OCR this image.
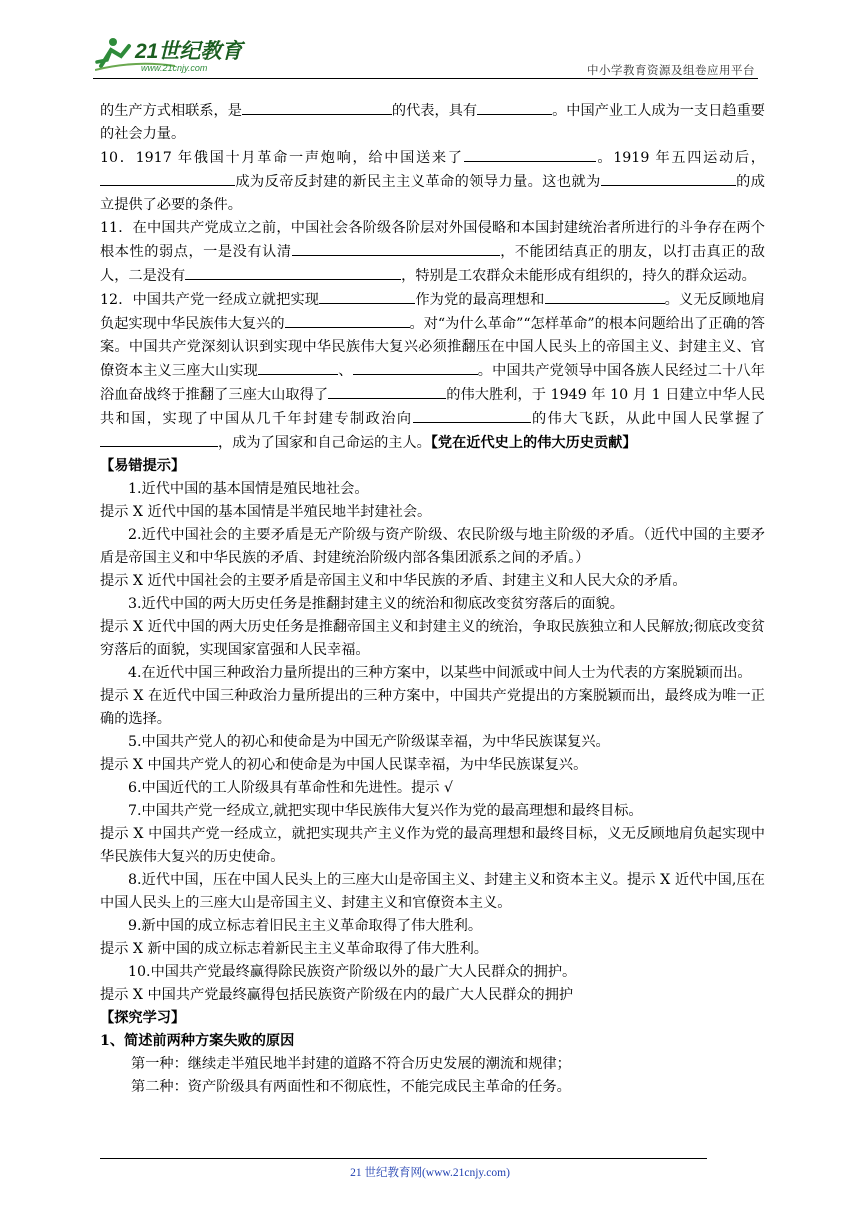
21世纪教育
www.21cnjy.com	中小学教育资源及组卷应用平台

的生产方式相联系，是	的代表，具有	。中国产业工人成为一支日趋重要的社会力量。

10．1917 年俄国十月革命一声炮响，给中国送来了	。1919 年五四运动后，成为反帝反封建的新民主主义革命的领导力量。这也就为	的成立提供了必要的条件。

11．在中国共产党成立之前，中国社会各阶级各阶层对外国侵略和本国封建统治者所进行的斗争存在两个根本性的弱点，一是没有认清	，不能团结真正的朋友，以打击真正的敌人，二是没有	，特别是工农群众未能形成有组织的，持久的群众运动。

12．中国共产党一经成立就把实现	作为党的最高理想和	。义无反顾地肩负起实现中华民族伟大复兴的	。对“为什么革命”“怎样革命”的根本问题给出了正确的答案。中国共产党深刻认识到实现中华民族伟大复兴必须推翻压在中国人民头上的帝国主义、封建主义、官僚资本主义三座大山实现	、	。中国共产党领导中国各族人民经过二十八年浴血奋战终于推翻了三座大山取得了	的伟大胜利，于 1949 年 10 月 1 日建立中华人民共和国，实现了中国从几千年封建专制政治向	的伟大飞跃，从此中国人民掌握了，成为了国家和自己命运的主人。【党在近代史上的伟大历史贡献】

【易错提示】

1.近代中国的基本国情是殖民地社会。

提示 X 近代中国的基本国情是半殖民地半封建社会。

2.近代中国社会的主要矛盾是无产阶级与资产阶级、农民阶级与地主阶级的矛盾。（近代中国的主要矛盾是帝国主义和中华民族的矛盾、封建统治阶级内部各集团派系之间的矛盾。）

提示 X 近代中国社会的主要矛盾是帝国主义和中华民族的矛盾、封建主义和人民大众的矛盾。

3.近代中国的两大历史任务是推翻封建主义的统治和彻底改变贫穷落后的面貌。

提示 X 近代中国的两大历史任务是推翻帝国主义和封建主义的统治，争取民族独立和人民解放;彻底改变贫穷落后的面貌，实现国家富强和人民幸福。

4.在近代中国三种政治力量所提出的三种方案中，以某些中间派或中间人士为代表的方案脱颖而出。

提示 X 在近代中国三种政治力量所提出的三种方案中，中国共产党提出的方案脱颖而出，最终成为唯一正确的选择。

5.中国共产党人的初心和使命是为中国无产阶级谋幸福，为中华民族谋复兴。

提示 X 中国共产党人的初心和使命是为中国人民谋幸福，为中华民族谋复兴。

6.中国近代的工人阶级具有革命性和先进性。提示 √

7.中国共产党一经成立,就把实现中华民族伟大复兴作为党的最高理想和最终目标。

提示 X 中国共产党一经成立，就把实现共产主义作为党的最高理想和最终目标，义无反顾地肩负起实现中华民族伟大复兴的历史使命。

8.近代中国，压在中国人民头上的三座大山是帝国主义、封建主义和资本主义。提示 X 近代中国,压在中国人民头上的三座大山是帝国主义、封建主义和官僚资本主义。

9.新中国的成立标志着旧民主主义革命取得了伟大胜利。

提示 X 新中国的成立标志着新民主主义革命取得了伟大胜利。

10.中国共产党最终赢得除民族资产阶级以外的最广大人民群众的拥护。

提示 X 中国共产党最终赢得包括民族资产阶级在内的最广大人民群众的拥护

【探究学习】

1、简述前两种方案失败的原因

第一种：继续走半殖民地半封建的道路不符合历史发展的潮流和规律；

第二种：资产阶级具有两面性和不彻底性，不能完成民主革命的任务。

21 世纪教育网(www.21cnjy.com)
